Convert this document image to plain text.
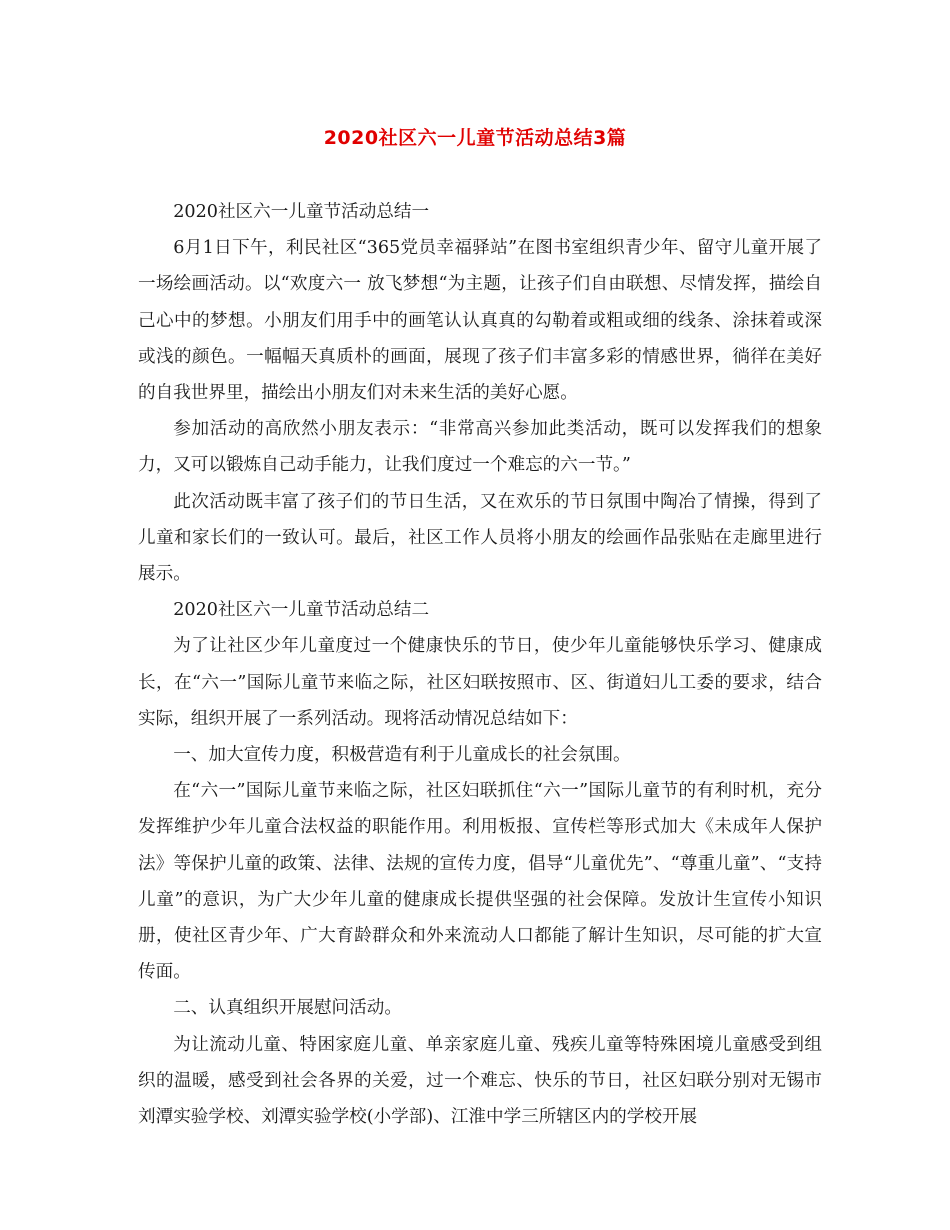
2020社区六一儿童节活动总结3篇

2020社区六一儿童节活动总结一

6月1日下午，利民社区“365党员幸福驿站”在图书室组织青少年、留守儿童开展了一场绘画活动。以“欢度六一 放飞梦想“为主题，让孩子们自由联想、尽情发挥，描绘自己心中的梦想。小朋友们用手中的画笔认认真真的勾勒着或粗或细的线条、涂抹着或深或浅的颜色。一幅幅天真质朴的画面，展现了孩子们丰富多彩的情感世界，徜徉在美好的自我世界里，描绘出小朋友们对未来生活的美好心愿。

参加活动的高欣然小朋友表示：“非常高兴参加此类活动，既可以发挥我们的想象力，又可以锻炼自己动手能力，让我们度过一个难忘的六一节。”

此次活动既丰富了孩子们的节日生活，又在欢乐的节日氛围中陶冶了情操，得到了儿童和家长们的一致认可。最后，社区工作人员将小朋友的绘画作品张贴在走廊里进行展示。

2020社区六一儿童节活动总结二

为了让社区少年儿童度过一个健康快乐的节日，使少年儿童能够快乐学习、健康成长，在“六一”国际儿童节来临之际，社区妇联按照市、区、街道妇儿工委的要求，结合实际，组织开展了一系列活动。现将活动情况总结如下：

一、加大宣传力度，积极营造有利于儿童成长的社会氛围。

在“六一”国际儿童节来临之际，社区妇联抓住“六一”国际儿童节的有利时机，充分发挥维护少年儿童合法权益的职能作用。利用板报、宣传栏等形式加大《未成年人保护法》等保护儿童的政策、法律、法规的宣传力度，倡导“儿童优先”、“尊重儿童”、“支持儿童”的意识，为广大少年儿童的健康成长提供坚强的社会保障。发放计生宣传小知识册，使社区青少年、广大育龄群众和外来流动人口都能了解计生知识，尽可能的扩大宣传面。

二、认真组织开展慰问活动。

为让流动儿童、特困家庭儿童、单亲家庭儿童、残疾儿童等特殊困境儿童感受到组织的温暖，感受到社会各界的关爱，过一个难忘、快乐的节日，社区妇联分别对无锡市刘潭实验学校、刘潭实验学校(小学部)、江淮中学三所辖区内的学校开展
